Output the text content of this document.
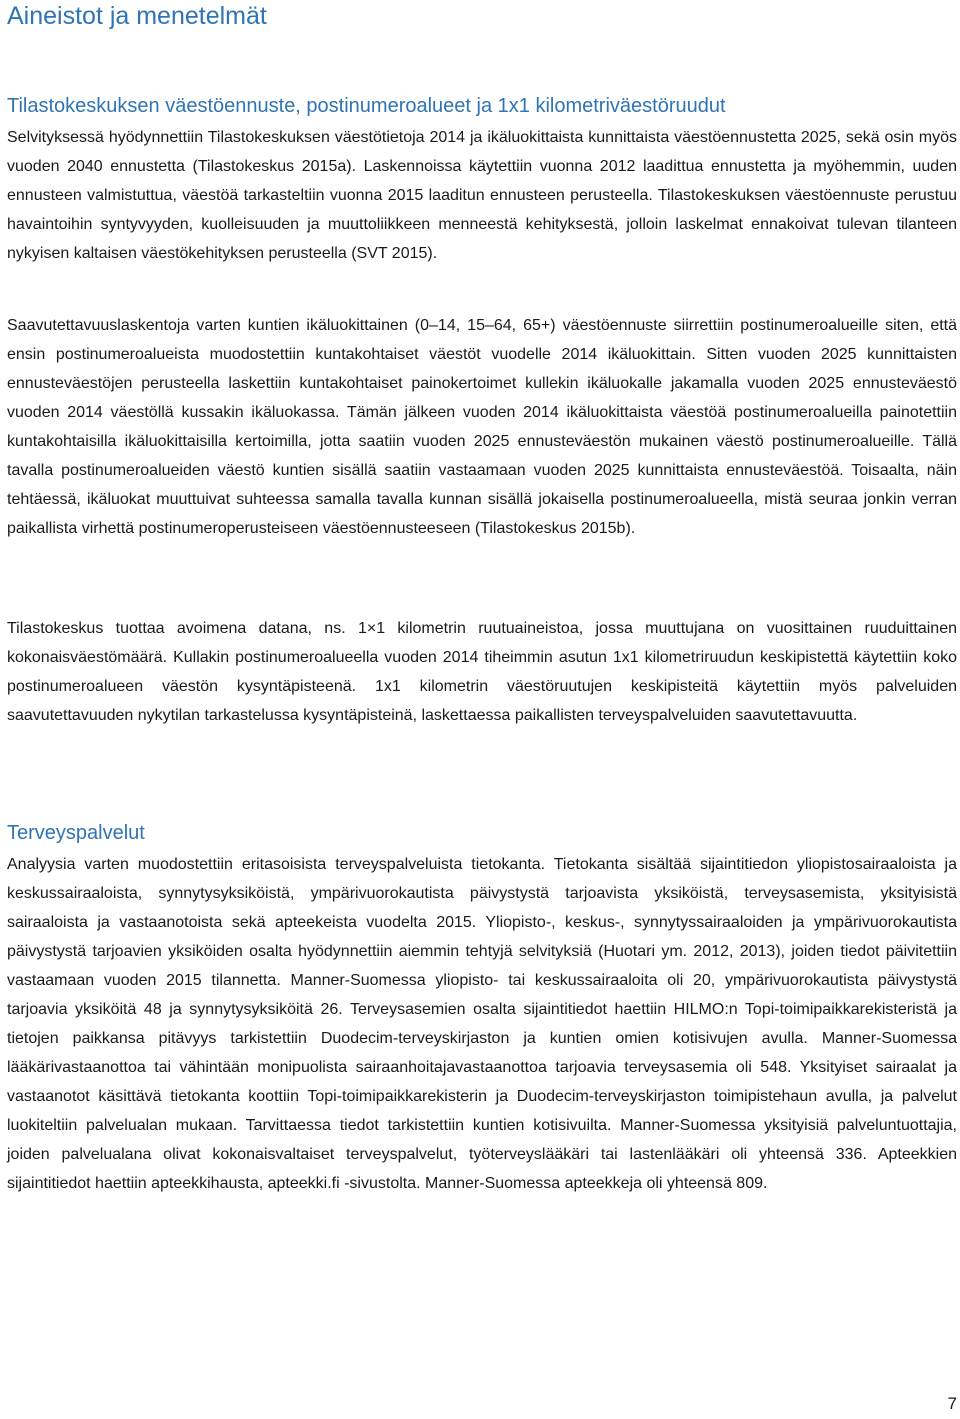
Aineistot ja menetelmät
Tilastokeskuksen väestöennuste, postinumeroalueet ja 1x1 kilometriväestöruudut

Selvityksessä hyödynnettiin Tilastokeskuksen väestötietoja 2014 ja ikäluokittaista kunnittaista väestöennustetta 2025, sekä osin myös vuoden 2040 ennustetta (Tilastokeskus 2015a). Laskennoissa käytettiin vuonna 2012 laadittua ennustetta ja myöhemmin, uuden ennusteen valmistuttua, väestöä tarkasteltiin vuonna 2015 laaditun ennusteen perusteella. Tilastokeskuksen väestöennuste perustuu havaintoihin syntyvyyden, kuolleisuuden ja muuttoliikkeen menneestä kehityksestä, jolloin laskelmat ennakoivat tulevan tilanteen nykyisen kaltaisen väestökehityksen perusteella (SVT 2015).

Saavutettavuuslaskentoja varten kuntien ikäluokittainen (0–14, 15–64, 65+) väestöennuste siirrettiin postinumeroalueille siten, että ensin postinumeroalueista muodostettiin kuntakohtaiset väestöt vuodelle 2014 ikäluokittain. Sitten vuoden 2025 kunnittaisten ennusteväestöjen perusteella laskettiin kuntakohtaiset painokertoimet kullekin ikäluokalle jakamalla vuoden 2025 ennusteväestö vuoden 2014 väestöllä kussakin ikäluokassa. Tämän jälkeen vuoden 2014 ikäluokittaista väestöä postinumeroalueilla painotettiin kuntakohtaisilla ikäluokittaisilla kertoimilla, jotta saatiin vuoden 2025 ennusteväestön mukainen väestö postinumeroalueille. Tällä tavalla postinumeroalueiden väestö kuntien sisällä saatiin vastaamaan vuoden 2025 kunnittaista ennusteväestöä. Toisaalta, näin tehtäessä, ikäluokat muuttuivat suhteessa samalla tavalla kunnan sisällä jokaisella postinumeroalueella, mistä seuraa jonkin verran paikallista virhettä postinumeroperusteiseen väestöennusteeseen (Tilastokeskus 2015b).

Tilastokeskus tuottaa avoimena datana, ns. 1×1 kilometrin ruutuaineistoa, jossa muuttujana on vuosittainen ruuduittainen kokonaisväestömäärä. Kullakin postinumeroalueella vuoden 2014 tiheimmin asutun 1x1 kilometriruudun keskipistettä käytettiin koko postinumeroalueen väestön kysyntäpisteenä. 1x1 kilometrin väestöruutujen keskipisteitä käytettiin myös palveluiden saavutettavuuden nykytilan tarkastelussa kysyntäpisteinä, laskettaessa paikallisten terveyspalveluiden saavutettavuutta.

Terveyspalvelut

Analyysia varten muodostettiin eritasoisista terveyspalveluista tietokanta. Tietokanta sisältää sijaintitiedon yliopistosairaaloista ja keskussairaaloista, synnytysyksiköistä, ympärivuorokautista päivystystä tarjoavista yksiköistä, terveysasemista, yksityisistä sairaaloista ja vastaanotoista sekä apteekeista vuodelta 2015. Yliopisto-, keskus-, synnytyssairaaloiden ja ympärivuorokautista päivystystä tarjoavien yksiköiden osalta hyödynnettiin aiemmin tehtyjä selvityksiä (Huotari ym. 2012, 2013), joiden tiedot päivitettiin vastaamaan vuoden 2015 tilannetta. Manner-Suomessa yliopisto- tai keskussairaaloita oli 20, ympärivuorokautista päivystystä tarjoavia yksiköitä 48 ja synnytysyksiköitä 26. Terveysasemien osalta sijaintitiedot haettiin HILMO:n Topi-toimipaikkarekisteristä ja tietojen paikkansa pitävyys tarkistettiin Duodecim-terveyskirjaston ja kuntien omien kotisivujen avulla. Manner-Suomessa lääkärivastaanottoa tai vähintään monipuolista sairaanhoitajavastaanottoa tarjoavia terveysasemia oli 548. Yksityiset sairaalat ja vastaanotot käsittävä tietokanta koottiin Topi-toimipaikkarekisterin ja Duodecim-terveyskirjaston toimipistehaun avulla, ja palvelut luokiteltiin palvelualan mukaan. Tarvittaessa tiedot tarkistettiin kuntien kotisivuilta. Manner-Suomessa yksityisiä palveluntuottajia, joiden palvelualana olivat kokonaisvaltaiset terveyspalvelut, työterveyslääkäri tai lastenlääkäri oli yhteensä 336. Apteekkien sijaintitiedot haettiin apteekkihausta, apteekki.fi -sivustolta. Manner-Suomessa apteekkeja oli yhteensä 809.

7
